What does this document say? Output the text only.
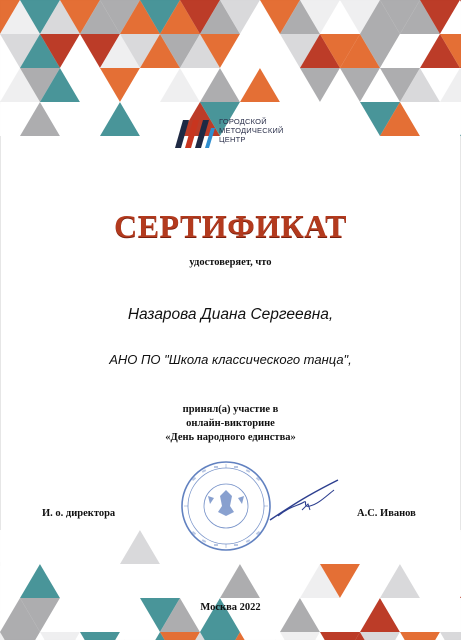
ГОРОДСКОЙ
МЕТОДИЧЕСКИЙ
ЦЕНТР
СЕРТИФИКАТ
удостоверяет, что
Назарова Диана Сергеевна,
АНО ПО "Школа классического танца",
принял(а) участие в
онлайн-викторине
«День народного единства»
И. о. директора	А.С. Иванов
Москва 2022
